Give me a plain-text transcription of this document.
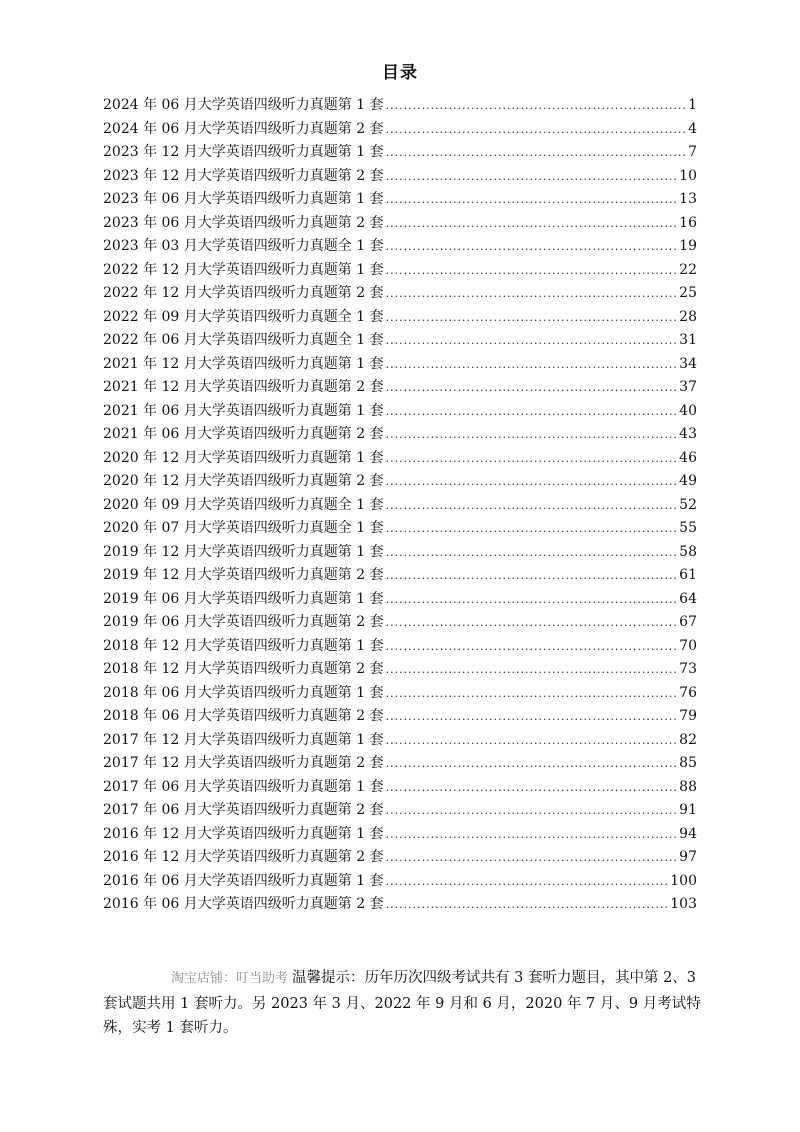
目录
2024 年 06 月大学英语四级听力真题第 1 套 .....	1
2024 年 06 月大学英语四级听力真题第 2 套 .....	4
2023 年 12 月大学英语四级听力真题第 1 套 .....	7
2023 年 12 月大学英语四级听力真题第 2 套 .....	10
2023 年 06 月大学英语四级听力真题第 1 套 .....	13
2023 年 06 月大学英语四级听力真题第 2 套 .....	16
2023 年 03 月大学英语四级听力真题全 1 套 .....	19
2022 年 12 月大学英语四级听力真题第 1 套 .....	22
2022 年 12 月大学英语四级听力真题第 2 套 .....	25
2022 年 09 月大学英语四级听力真题全 1 套 .....	28
2022 年 06 月大学英语四级听力真题全 1 套 .....	31
2021 年 12 月大学英语四级听力真题第 1 套 .....	34
2021 年 12 月大学英语四级听力真题第 2 套 .....	37
2021 年 06 月大学英语四级听力真题第 1 套 .....	40
2021 年 06 月大学英语四级听力真题第 2 套 .....	43
2020 年 12 月大学英语四级听力真题第 1 套 .....	46
2020 年 12 月大学英语四级听力真题第 2 套 .....	49
2020 年 09 月大学英语四级听力真题全 1 套 .....	52
2020 年 07 月大学英语四级听力真题全 1 套 .....	55
2019 年 12 月大学英语四级听力真题第 1 套 .....	58
2019 年 12 月大学英语四级听力真题第 2 套 .....	61
2019 年 06 月大学英语四级听力真题第 1 套 .....	64
2019 年 06 月大学英语四级听力真题第 2 套 .....	67
2018 年 12 月大学英语四级听力真题第 1 套 .....	70
2018 年 12 月大学英语四级听力真题第 2 套 .....	73
2018 年 06 月大学英语四级听力真题第 1 套 .....	76
2018 年 06 月大学英语四级听力真题第 2 套 .....	79
2017 年 12 月大学英语四级听力真题第 1 套 .....	82
2017 年 12 月大学英语四级听力真题第 2 套 .....	85
2017 年 06 月大学英语四级听力真题第 1 套 .....	88
2017 年 06 月大学英语四级听力真题第 2 套 .....	91
2016 年 12 月大学英语四级听力真题第 1 套 .....	94
2016 年 12 月大学英语四级听力真题第 2 套 .....	97
2016 年 06 月大学英语四级听力真题第 1 套 .....	100
2016 年 06 月大学英语四级听力真题第 2 套 .....	103
淘宝店铺：叮当助考 温馨提示：历年历次四级考试共有 3 套听力题目，其中第 2、3 套试题共用 1 套听力。另 2023 年 3 月、2022 年 9 月和 6 月，2020 年 7 月、9 月考试特殊，实考 1 套听力。
